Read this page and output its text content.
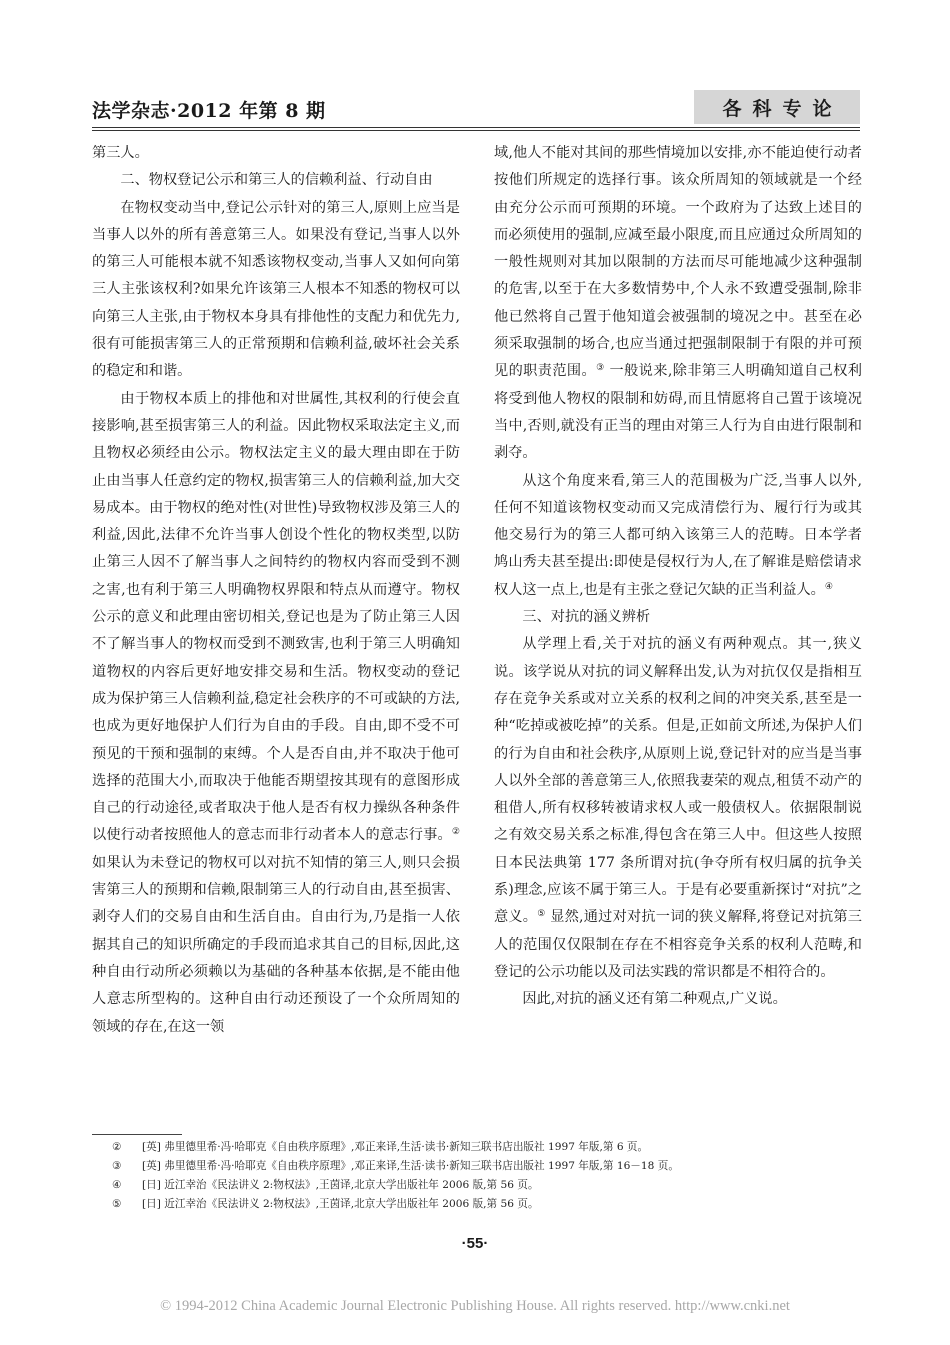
法学杂志·2012 年第 8 期	各科专论

第三人。

二、物权登记公示和第三人的信赖利益、行动自由

在物权变动当中,登记公示针对的第三人,原则上应当是当事人以外的所有善意第三人。如果没有登记,当事人以外的第三人可能根本就不知悉该物权变动,当事人又如何向第三人主张该权利?如果允许该第三人根本不知悉的物权可以向第三人主张,由于物权本身具有排他性的支配力和优先力,很有可能损害第三人的正常预期和信赖利益,破坏社会关系的稳定和和谐。

由于物权本质上的排他和对世属性,其权利的行使会直接影响,甚至损害第三人的利益。因此物权采取法定主义,而且物权必须经由公示。物权法定主义的最大理由即在于防止由当事人任意约定的物权,损害第三人的信赖利益,加大交易成本。由于物权的绝对性(对世性)导致物权涉及第三人的利益,因此,法律不允许当事人创设个性化的物权类型,以防止第三人因不了解当事人之间特约的物权内容而受到不测之害,也有利于第三人明确物权界限和特点从而遵守。物权公示的意义和此理由密切相关,登记也是为了防止第三人因不了解当事人的物权而受到不测致害,也利于第三人明确知道物权的内容后更好地安排交易和生活。物权变动的登记成为保护第三人信赖利益,稳定社会秩序的不可或缺的方法,也成为更好地保护人们行为自由的手段。自由,即不受不可预见的干预和强制的束缚。个人是否自由,并不取决于他可选择的范围大小,而取决于他能否期望按其现有的意图形成自己的行动途径,或者取决于他人是否有权力操纵各种条件以使行动者按照他人的意志而非行动者本人的意志行事。② 如果认为未登记的物权可以对抗不知情的第三人,则只会损害第三人的预期和信赖,限制第三人的行动自由,甚至损害、剥夺人们的交易自由和生活自由。自由行为,乃是指一人依据其自己的知识所确定的手段而追求其自己的目标,因此,这种自由行动所必须赖以为基础的各种基本依据,是不能由他人意志所型构的。这种自由行动还预设了一个众所周知的领域的存在,在这一领

域,他人不能对其间的那些情境加以安排,亦不能迫使行动者按他们所规定的选择行事。该众所周知的领域就是一个经由充分公示而可预期的环境。一个政府为了达致上述目的而必须使用的强制,应减至最小限度,而且应通过众所周知的一般性规则对其加以限制的方法而尽可能地减少这种强制的危害,以至于在大多数情势中,个人永不致遭受强制,除非他已然将自己置于他知道会被强制的境况之中。甚至在必须采取强制的场合,也应当通过把强制限制于有限的并可预见的职责范围。③ 一般说来,除非第三人明确知道自己权利将受到他人物权的限制和妨碍,而且情愿将自己置于该境况当中,否则,就没有正当的理由对第三人行为自由进行限制和剥夺。

从这个角度来看,第三人的范围极为广泛,当事人以外,任何不知道该物权变动而又完成清偿行为、履行行为或其他交易行为的第三人都可纳入该第三人的范畴。日本学者鸠山秀夫甚至提出:即使是侵权行为人,在了解谁是赔偿请求权人这一点上,也是有主张之登记欠缺的正当利益人。④

三、对抗的涵义辨析

从学理上看,关于对抗的涵义有两种观点。其一,狭义说。该学说从对抗的词义解释出发,认为对抗仅仅是指相互存在竞争关系或对立关系的权利之间的冲突关系,甚至是一种“吃掉或被吃掉”的关系。但是,正如前文所述,为保护人们的行为自由和社会秩序,从原则上说,登记针对的应当是当事人以外全部的善意第三人,依照我妻荣的观点,租赁不动产的租借人,所有权移转被请求权人或一般债权人。依据限制说之有效交易关系之标准,得包含在第三人中。但这些人按照日本民法典第 177 条所谓对抗(争夺所有权归属的抗争关系)理念,应该不属于第三人。于是有必要重新探讨“对抗”之意义。⑤ 显然,通过对对抗一词的狭义解释,将登记对抗第三人的范围仅仅限制在存在不相容竞争关系的权利人范畴,和登记的公示功能以及司法实践的常识都是不相符合的。

因此,对抗的涵义还有第二种观点,广义说。

② [英] 弗里德里希·冯·哈耶克《自由秩序原理》,邓正来译,生活·读书·新知三联书店出版社 1997 年版,第 6 页。
③ [英] 弗里德里希·冯·哈耶克《自由秩序原理》,邓正来译,生活·读书·新知三联书店出版社 1997 年版,第 16－18 页。
④ [日] 近江幸治《民法讲义 2:物权法》,王茵译,北京大学出版社年 2006 版,第 56 页。
⑤ [日] 近江幸治《民法讲义 2:物权法》,王茵译,北京大学出版社年 2006 版,第 56 页。
·55·
© 1994-2012 China Academic Journal Electronic Publishing House. All rights reserved. http://www.cnki.net
